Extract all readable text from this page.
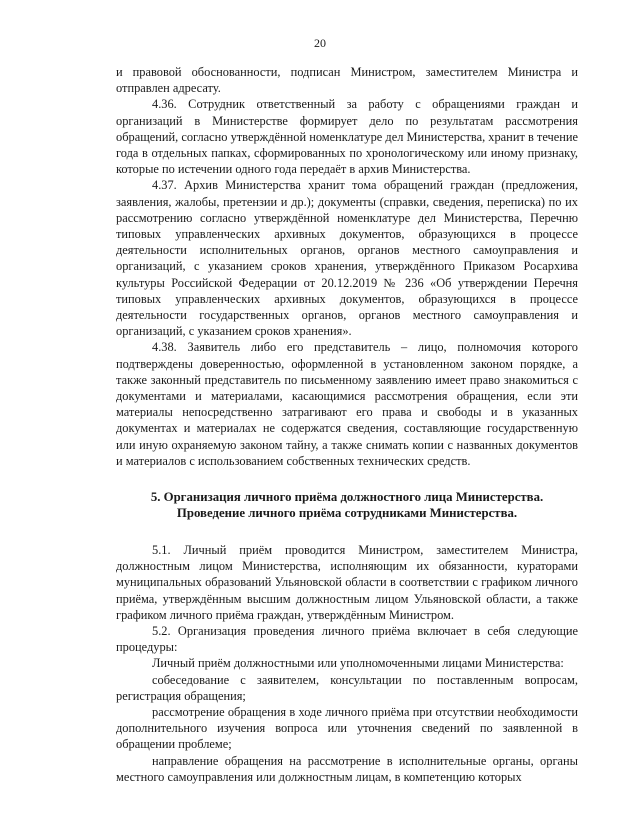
20

и правовой обоснованности, подписан Министром, заместителем Министра и отправлен адресату.

4.36. Сотрудник ответственный за работу с обращениями граждан и организаций в Министерстве формирует дело по результатам рассмотрения обращений, согласно утверждённой номенклатуре дел Министерства, хранит в течение года в отдельных папках, сформированных по хронологическому или иному признаку, которые по истечении одного года передаёт в архив Министерства.

4.37. Архив Министерства хранит тома обращений граждан (предложения, заявления, жалобы, претензии и др.); документы (справки, сведения, переписка) по их рассмотрению согласно утверждённой номенклатуре дел Министерства, Перечню типовых управленческих архивных документов, образующихся в процессе деятельности исполнительных органов, органов местного самоуправления и организаций, с указанием сроков хранения, утверждённого Приказом Росархива культуры Российской Федерации от 20.12.2019 № 236 «Об утверждении Перечня типовых управленческих архивных документов, образующихся в процессе деятельности государственных органов, органов местного самоуправления и организаций, с указанием сроков хранения».

4.38. Заявитель либо его представитель – лицо, полномочия которого подтверждены доверенностью, оформленной в установленном законом порядке, а также законный представитель по письменному заявлению имеет право знакомиться с документами и материалами, касающимися рассмотрения обращения, если эти материалы непосредственно затрагивают его права и свободы и в указанных документах и материалах не содержатся сведения, составляющие государственную или иную охраняемую законом тайну, а также снимать копии с названных документов и материалов с использованием собственных технических средств.

5. Организация личного приёма должностного лица Министерства.
Проведение личного приёма сотрудниками Министерства.

5.1. Личный приём проводится Министром, заместителем Министра, должностным лицом Министерства, исполняющим их обязанности, кураторами муниципальных образований Ульяновской области в соответствии с графиком личного приёма, утверждённым высшим должностным лицом Ульяновской области, а также графиком личного приёма граждан, утверждённым Министром.

5.2. Организация проведения личного приёма включает в себя следующие процедуры:

Личный приём должностными или уполномоченными лицами Министерства:

собеседование с заявителем, консультации по поставленным вопросам, регистрация обращения;

рассмотрение обращения в ходе личного приёма при отсутствии необходимости дополнительного изучения вопроса или уточнения сведений по заявленной в обращении проблеме;

направление обращения на рассмотрение в исполнительные органы, органы местного самоуправления или должностным лицам, в компетенцию которых
